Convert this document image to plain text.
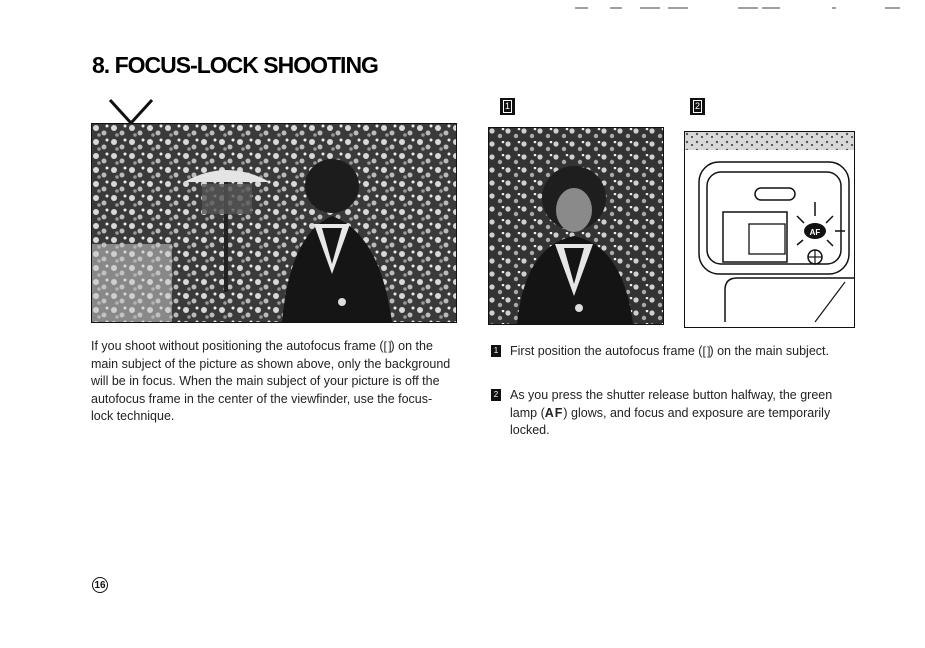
8. FOCUS-LOCK SHOOTING
1	2
AF

If you shoot without positioning the autofocus frame ([ ]) on the main subject of the picture as shown above, only the background will be in focus. When the main subject of your picture is off the autofocus frame in the center of the viewfinder, use the focus-lock technique.

1 First position the autofocus frame ([ ]) on the main subject.

2 As you press the shutter release button halfway, the green lamp (AF) glows, and focus and exposure are temporarily locked.

16
